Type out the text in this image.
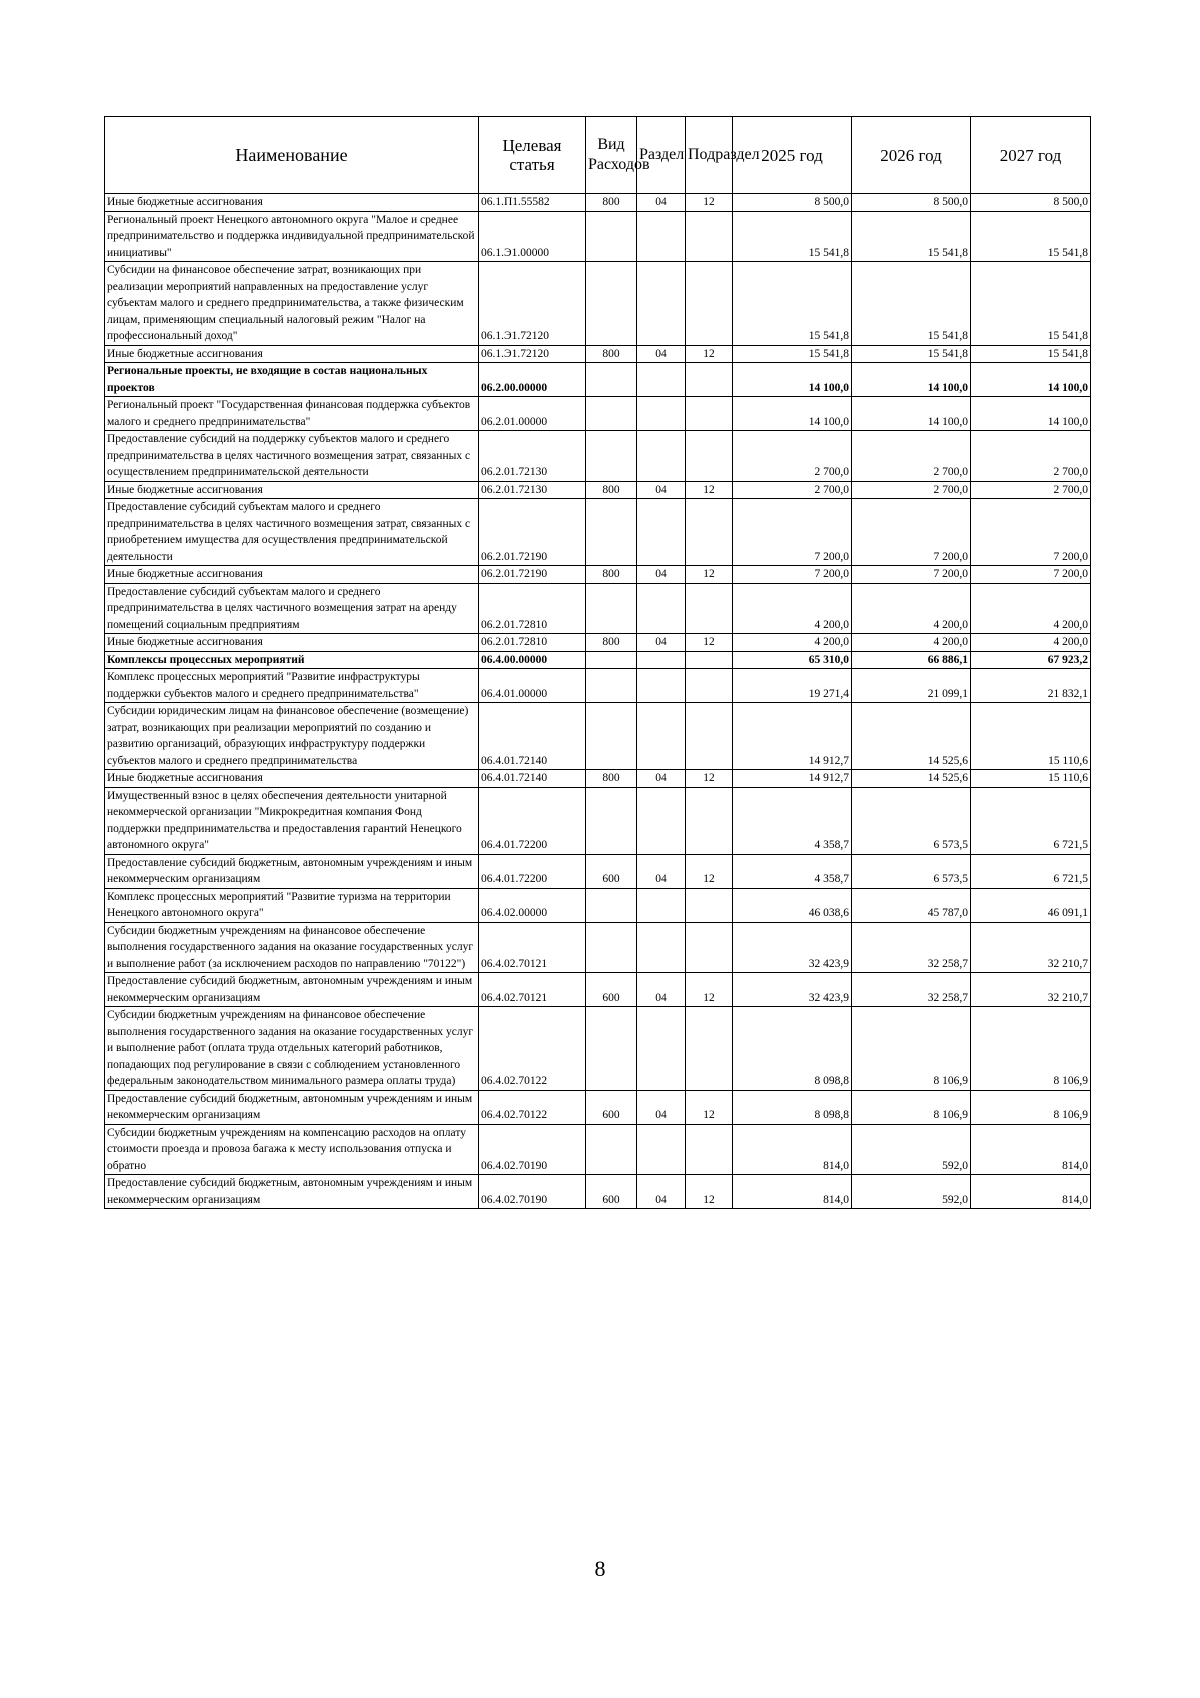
Наименование	Целевая статья	Вид Расходов	Раздел	Подраздел	2025 год	2026 год	2027 год
Иные бюджетные ассигнования	06.1.П1.55582	800	04	12	8 500,0	8 500,0	8 500,0
Региональный проект Ненецкого автономного округа "Малое и среднее предпринимательство и поддержка индивидуальной предпринимательской инициативы"	06.1.Э1.00000				15 541,8	15 541,8	15 541,8
Субсидии на финансовое обеспечение затрат, возникающих при реализации мероприятий направленных на предоставление услуг субъектам малого и среднего предпринимательства, а также физическим лицам, применяющим специальный налоговый режим "Налог на профессиональный доход"	06.1.Э1.72120				15 541,8	15 541,8	15 541,8
Иные бюджетные ассигнования	06.1.Э1.72120	800	04	12	15 541,8	15 541,8	15 541,8
Региональные проекты, не входящие в состав национальных проектов	06.2.00.00000				14 100,0	14 100,0	14 100,0
Региональный проект "Государственная финансовая поддержка субъектов малого и среднего предпринимательства"	06.2.01.00000				14 100,0	14 100,0	14 100,0
Предоставление субсидий на поддержку субъектов малого и среднего предпринимательства в целях частичного возмещения затрат, связанных с осуществлением предпринимательской деятельности	06.2.01.72130				2 700,0	2 700,0	2 700,0
Иные бюджетные ассигнования	06.2.01.72130	800	04	12	2 700,0	2 700,0	2 700,0
Предоставление субсидий субъектам малого и среднего предпринимательства в целях частичного возмещения затрат, связанных с приобретением имущества для осуществления предпринимательской деятельности	06.2.01.72190				7 200,0	7 200,0	7 200,0
Иные бюджетные ассигнования	06.2.01.72190	800	04	12	7 200,0	7 200,0	7 200,0
Предоставление субсидий субъектам малого и среднего предпринимательства в целях частичного возмещения затрат на аренду помещений социальным предприятиям	06.2.01.72810				4 200,0	4 200,0	4 200,0
Иные бюджетные ассигнования	06.2.01.72810	800	04	12	4 200,0	4 200,0	4 200,0
Комплексы процессных мероприятий	06.4.00.00000				65 310,0	66 886,1	67 923,2
Комплекс процессных мероприятий "Развитие инфраструктуры поддержки субъектов малого и среднего предпринимательства"	06.4.01.00000				19 271,4	21 099,1	21 832,1
Субсидии юридическим лицам на финансовое обеспечение (возмещение) затрат, возникающих при реализации мероприятий по созданию и развитию организаций, образующих инфраструктуру поддержки субъектов малого и среднего предпринимательства	06.4.01.72140				14 912,7	14 525,6	15 110,6
Иные бюджетные ассигнования	06.4.01.72140	800	04	12	14 912,7	14 525,6	15 110,6
Имущественный взнос в целях обеспечения деятельности унитарной некоммерческой организации "Микрокредитная компания Фонд поддержки предпринимательства и предоставления гарантий Ненецкого автономного округа"	06.4.01.72200				4 358,7	6 573,5	6 721,5
Предоставление субсидий бюджетным, автономным учреждениям и иным некоммерческим организациям	06.4.01.72200	600	04	12	4 358,7	6 573,5	6 721,5
Комплекс процессных мероприятий "Развитие туризма на территории Ненецкого автономного округа"	06.4.02.00000				46 038,6	45 787,0	46 091,1
Субсидии бюджетным учреждениям на финансовое обеспечение выполнения государственного задания на оказание государственных услуг и выполнение работ (за исключением расходов по направлению "70122")	06.4.02.70121				32 423,9	32 258,7	32 210,7
Предоставление субсидий бюджетным, автономным учреждениям и иным некоммерческим организациям	06.4.02.70121	600	04	12	32 423,9	32 258,7	32 210,7
Субсидии бюджетным учреждениям на финансовое обеспечение выполнения государственного задания на оказание государственных услуг и выполнение работ (оплата труда отдельных категорий работников, попадающих под регулирование в связи с соблюдением установленного федеральным законодательством минимального размера оплаты труда)	06.4.02.70122				8 098,8	8 106,9	8 106,9
Предоставление субсидий бюджетным, автономным учреждениям и иным некоммерческим организациям	06.4.02.70122	600	04	12	8 098,8	8 106,9	8 106,9
Субсидии бюджетным учреждениям на компенсацию расходов на оплату стоимости проезда и провоза багажа к месту использования отпуска и обратно	06.4.02.70190				814,0	592,0	814,0
Предоставление субсидий бюджетным, автономным учреждениям и иным некоммерческим организациям	06.4.02.70190	600	04	12	814,0	592,0	814,0
8
